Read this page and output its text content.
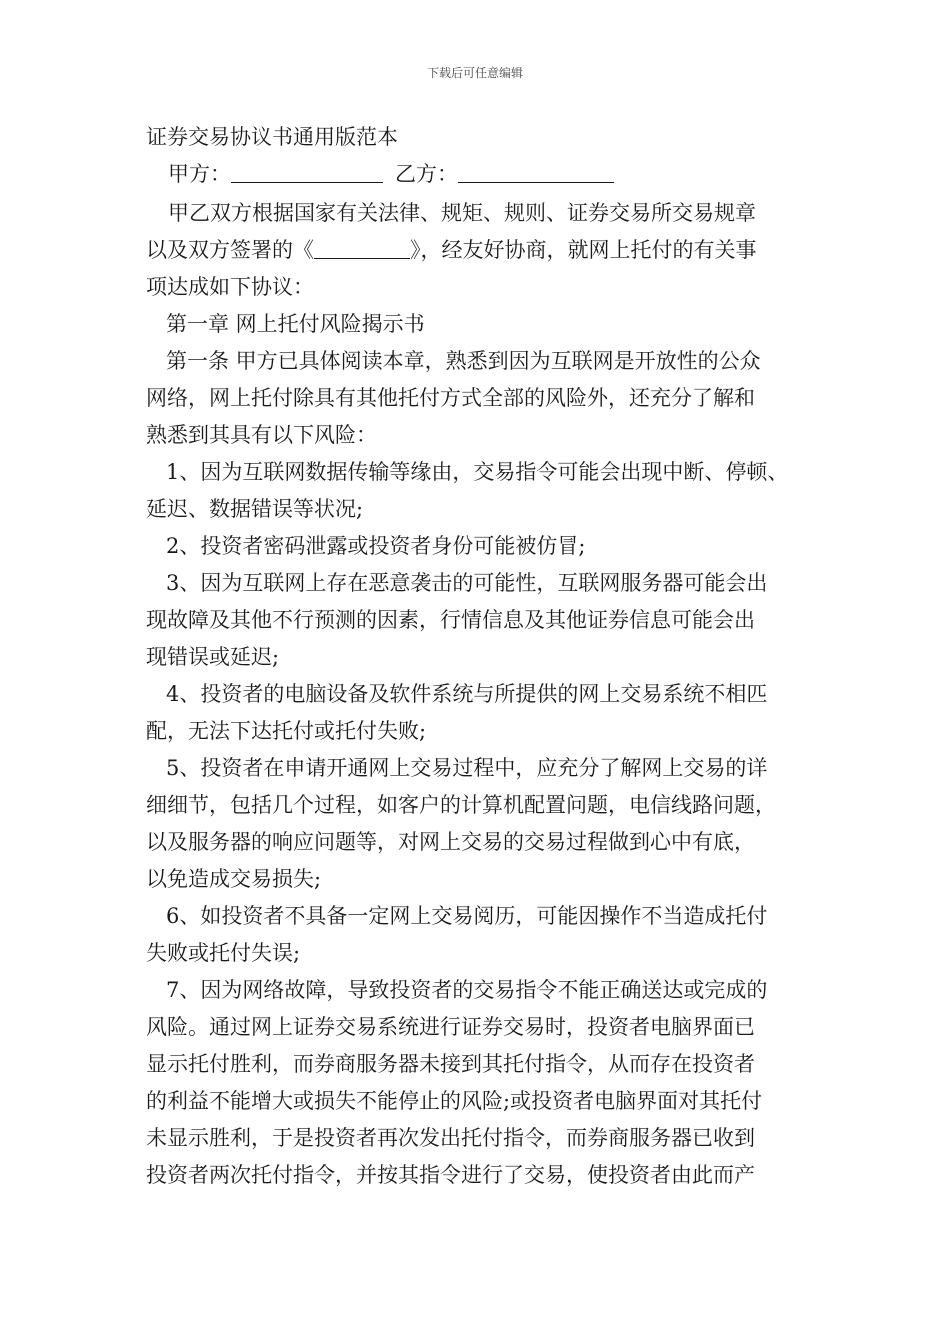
下载后可任意编辑
证券交易协议书通用版范本
甲方：	乙方：
甲乙双方根据国家有关法律、规矩、规则、证券交易所交易规章
以及双方签署的《	》，经友好协商，就网上托付的有关事
项达成如下协议：
第一章 网上托付风险揭示书
第一条 甲方已具体阅读本章，熟悉到因为互联网是开放性的公众
网络，网上托付除具有其他托付方式全部的风险外，还充分了解和
熟悉到其具有以下风险：
1、因为互联网数据传输等缘由，交易指令可能会出现中断、停顿、
延迟、数据错误等状况;
2、投资者密码泄露或投资者身份可能被仿冒;
3、因为互联网上存在恶意袭击的可能性，互联网服务器可能会出
现故障及其他不行预测的因素，行情信息及其他证券信息可能会出
现错误或延迟;
4、投资者的电脑设备及软件系统与所提供的网上交易系统不相匹
配，无法下达托付或托付失败;
5、投资者在申请开通网上交易过程中，应充分了解网上交易的详
细细节，包括几个过程，如客户的计算机配置问题，电信线路问题，
以及服务器的响应问题等，对网上交易的交易过程做到心中有底，
以免造成交易损失;
6、如投资者不具备一定网上交易阅历，可能因操作不当造成托付
失败或托付失误;
7、因为网络故障，导致投资者的交易指令不能正确送达或完成的
风险。通过网上证券交易系统进行证券交易时，投资者电脑界面已
显示托付胜利，而券商服务器未接到其托付指令，从而存在投资者
的利益不能增大或损失不能停止的风险;或投资者电脑界面对其托付
未显示胜利，于是投资者再次发出托付指令，而券商服务器已收到
投资者两次托付指令，并按其指令进行了交易，使投资者由此而产
